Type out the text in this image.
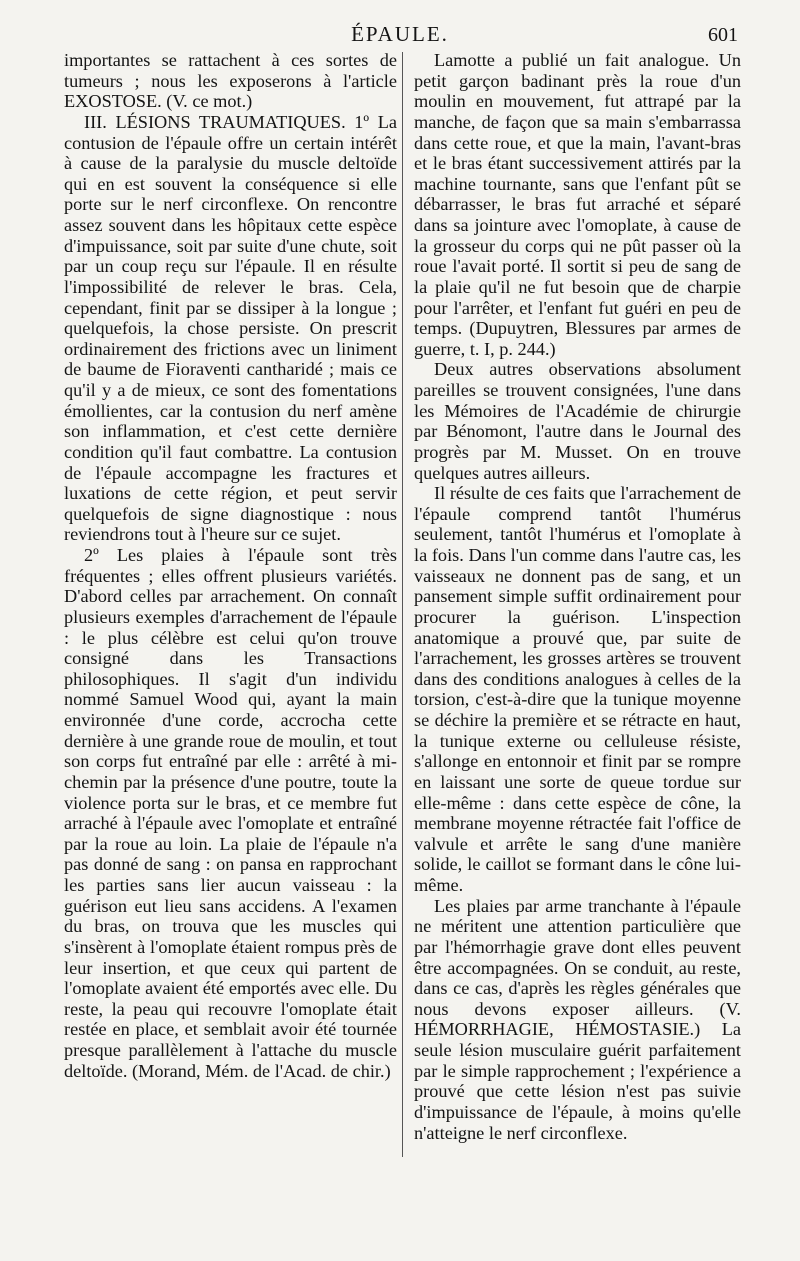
ÉPAULE.	601

importantes se rattachent à ces sortes de tumeurs ; nous les exposerons à l'article EXOSTOSE. (V. ce mot.)

III. LÉSIONS TRAUMATIQUES. 1º La contusion de l'épaule offre un certain intérêt à cause de la paralysie du muscle deltoïde qui en est souvent la conséquence si elle porte sur le nerf circonflexe. On rencontre assez souvent dans les hôpitaux cette espèce d'impuissance, soit par suite d'une chute, soit par un coup reçu sur l'épaule. Il en résulte l'impossibilité de relever le bras. Cela, cependant, finit par se dissiper à la longue ; quelquefois, la chose persiste. On prescrit ordinairement des frictions avec un liniment de baume de Fioraventi cantharidé ; mais ce qu'il y a de mieux, ce sont des fomentations émollientes, car la contusion du nerf amène son inflammation, et c'est cette dernière condition qu'il faut combattre. La contusion de l'épaule accompagne les fractures et luxations de cette région, et peut servir quelquefois de signe diagnostique : nous reviendrons tout à l'heure sur ce sujet.

2º Les plaies à l'épaule sont très fréquentes ; elles offrent plusieurs variétés. D'abord celles par arrachement. On connaît plusieurs exemples d'arrachement de l'épaule : le plus célèbre est celui qu'on trouve consigné dans les Transactions philosophiques. Il s'agit d'un individu nommé Samuel Wood qui, ayant la main environnée d'une corde, accrocha cette dernière à une grande roue de moulin, et tout son corps fut entraîné par elle : arrêté à mi-chemin par la présence d'une poutre, toute la violence porta sur le bras, et ce membre fut arraché à l'épaule avec l'omoplate et entraîné par la roue au loin. La plaie de l'épaule n'a pas donné de sang : on pansa en rapprochant les parties sans lier aucun vaisseau : la guérison eut lieu sans accidens. A l'examen du bras, on trouva que les muscles qui s'insèrent à l'omoplate étaient rompus près de leur insertion, et que ceux qui partent de l'omoplate avaient été emportés avec elle. Du reste, la peau qui recouvre l'omoplate était restée en place, et semblait avoir été tournée presque parallèlement à l'attache du muscle deltoïde. (Morand, Mém. de l'Acad. de chir.)

Lamotte a publié un fait analogue. Un petit garçon badinant près la roue d'un moulin en mouvement, fut attrapé par la manche, de façon que sa main s'embarrassa dans cette roue, et que la main, l'avant-bras et le bras étant successivement attirés par la machine tournante, sans que l'enfant pût se débarrasser, le bras fut arraché et séparé dans sa jointure avec l'omoplate, à cause de la grosseur du corps qui ne pût passer où la roue l'avait porté. Il sortit si peu de sang de la plaie qu'il ne fut besoin que de charpie pour l'arrêter, et l'enfant fut guéri en peu de temps. (Dupuytren, Blessures par armes de guerre, t. I, p. 244.)

Deux autres observations absolument pareilles se trouvent consignées, l'une dans les Mémoires de l'Académie de chirurgie par Bénomont, l'autre dans le Journal des progrès par M. Musset. On en trouve quelques autres ailleurs.

Il résulte de ces faits que l'arrachement de l'épaule comprend tantôt l'humérus seulement, tantôt l'humérus et l'omoplate à la fois. Dans l'un comme dans l'autre cas, les vaisseaux ne donnent pas de sang, et un pansement simple suffit ordinairement pour procurer la guérison. L'inspection anatomique a prouvé que, par suite de l'arrachement, les grosses artères se trouvent dans des conditions analogues à celles de la torsion, c'est-à-dire que la tunique moyenne se déchire la première et se rétracte en haut, la tunique externe ou celluleuse résiste, s'allonge en entonnoir et finit par se rompre en laissant une sorte de queue tordue sur elle-même : dans cette espèce de cône, la membrane moyenne rétractée fait l'office de valvule et arrête le sang d'une manière solide, le caillot se formant dans le cône lui-même.

Les plaies par arme tranchante à l'épaule ne méritent une attention particulière que par l'hémorrhagie grave dont elles peuvent être accompagnées. On se conduit, au reste, dans ce cas, d'après les règles générales que nous devons exposer ailleurs. (V. HÉMORRHAGIE, HÉMOSTASIE.) La seule lésion musculaire guérit parfaitement par le simple rapprochement ; l'expérience a prouvé que cette lésion n'est pas suivie d'impuissance de l'épaule, à moins qu'elle n'atteigne le nerf circonflexe.
